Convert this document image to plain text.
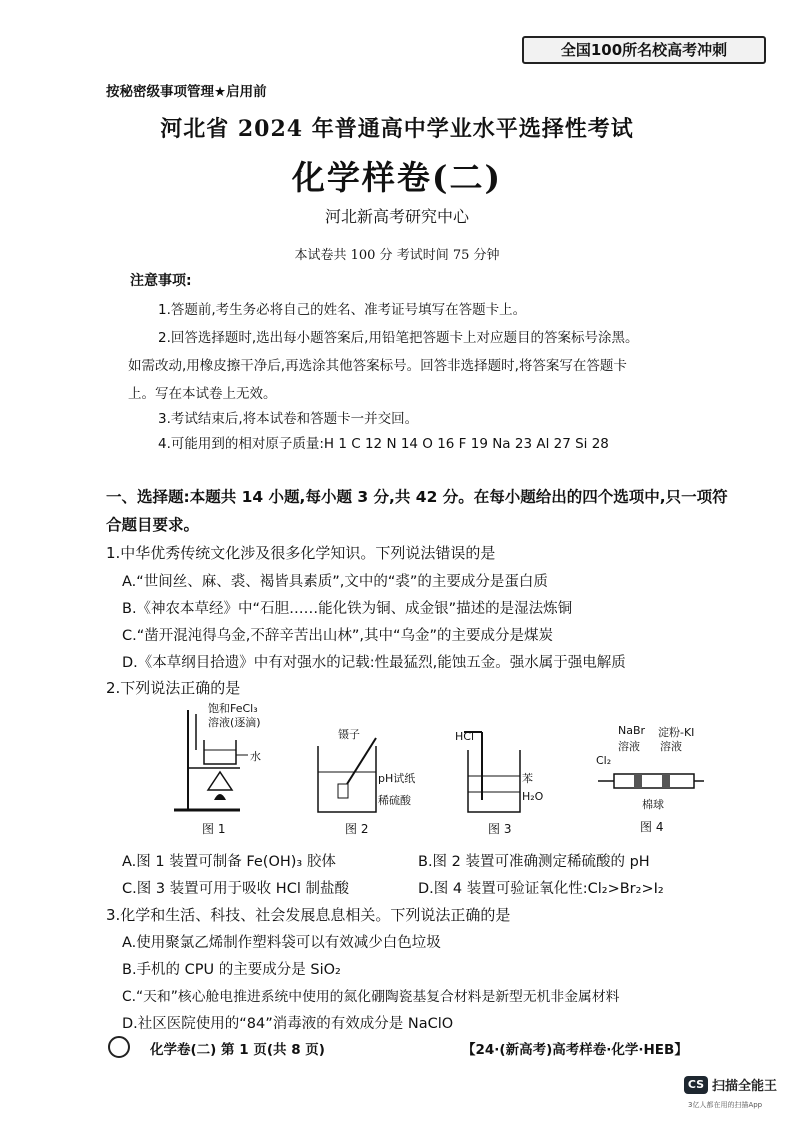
全国100所名校高考冲刺
按秘密级事项管理★启用前
河北省 2024 年普通高中学业水平选择性考试
化学样卷(二)
河北新高考研究中心
本试卷共 100 分 考试时间 75 分钟
注意事项:
1.答题前,考生务必将自己的姓名、准考证号填写在答题卡上。
2.回答选择题时,选出每小题答案后,用铅笔把答题卡上对应题目的答案标号涂黑。
如需改动,用橡皮擦干净后,再选涂其他答案标号。回答非选择题时,将答案写在答题卡
上。写在本试卷上无效。
3.考试结束后,将本试卷和答题卡一并交回。
4.可能用到的相对原子质量:H 1 C 12 N 14 O 16 F 19 Na 23 Al 27 Si 28
一、选择题:本题共 14 小题,每小题 3 分,共 42 分。在每小题给出的四个选项中,只一项符合题目要求。
1.中华优秀传统文化涉及很多化学知识。下列说法错误的是
A.“世间丝、麻、裘、褐皆具素质”,文中的“裘”的主要成分是蛋白质
B.《神农本草经》中“石胆……能化铁为铜、成金银”描述的是湿法炼铜
C.“凿开混沌得乌金,不辞辛苦出山林”,其中“乌金”的主要成分是煤炭
D.《本草纲目拾遗》中有对强水的记载:性最猛烈,能蚀五金。强水属于强电解质
2.下列说法正确的是
饱和FeCl₃
溶液(逐滴)
水
图 1
镊子
pH试纸
稀硫酸
图 2
HCl
苯
H₂O
图 3
NaBr
溶液
淀粉-KI
溶液
Cl₂
棉球
图 4
A.图 1 装置可制备 Fe(OH)₃ 胶体	B.图 2 装置可准确测定稀硫酸的 pH
C.图 3 装置可用于吸收 HCl 制盐酸	D.图 4 装置可验证氧化性:Cl₂>Br₂>I₂
3.化学和生活、科技、社会发展息息相关。下列说法正确的是
A.使用聚氯乙烯制作塑料袋可以有效减少白色垃圾
B.手机的 CPU 的主要成分是 SiO₂
C.“天和”核心舱电推进系统中使用的氮化硼陶瓷基复合材料是新型无机非金属材料
D.社区医院使用的“84”消毒液的有效成分是 NaClO
化学卷(二) 第 1 页(共 8 页)	【24·(新高考)高考样卷·化学·HEB】
CS 扫描全能王
3亿人都在用的扫描App
